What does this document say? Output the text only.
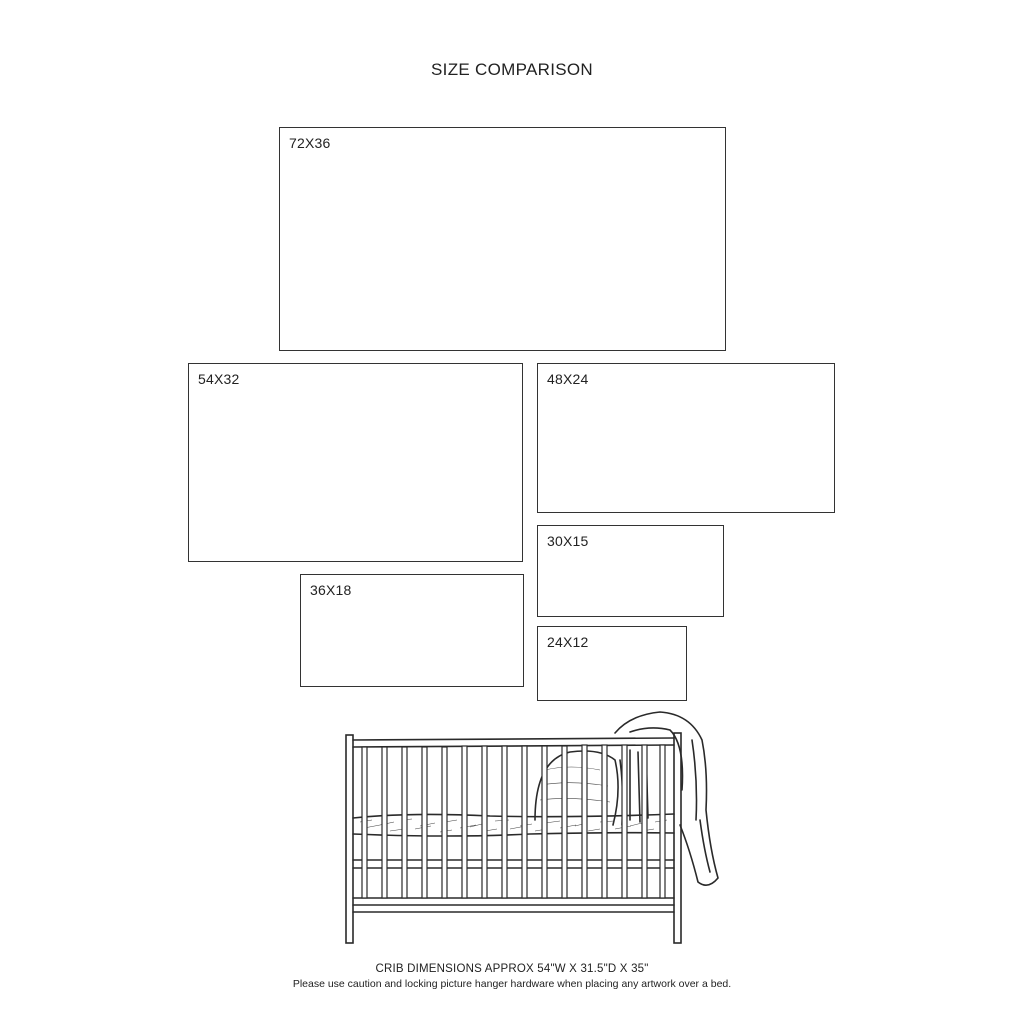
SIZE COMPARISON
72X36
54X32	48X24
30X15
36X18
24X12
CRIB DIMENSIONS APPROX 54"W X 31.5"D X 35"
Please use caution and locking picture hanger hardware when placing any artwork over a bed.
